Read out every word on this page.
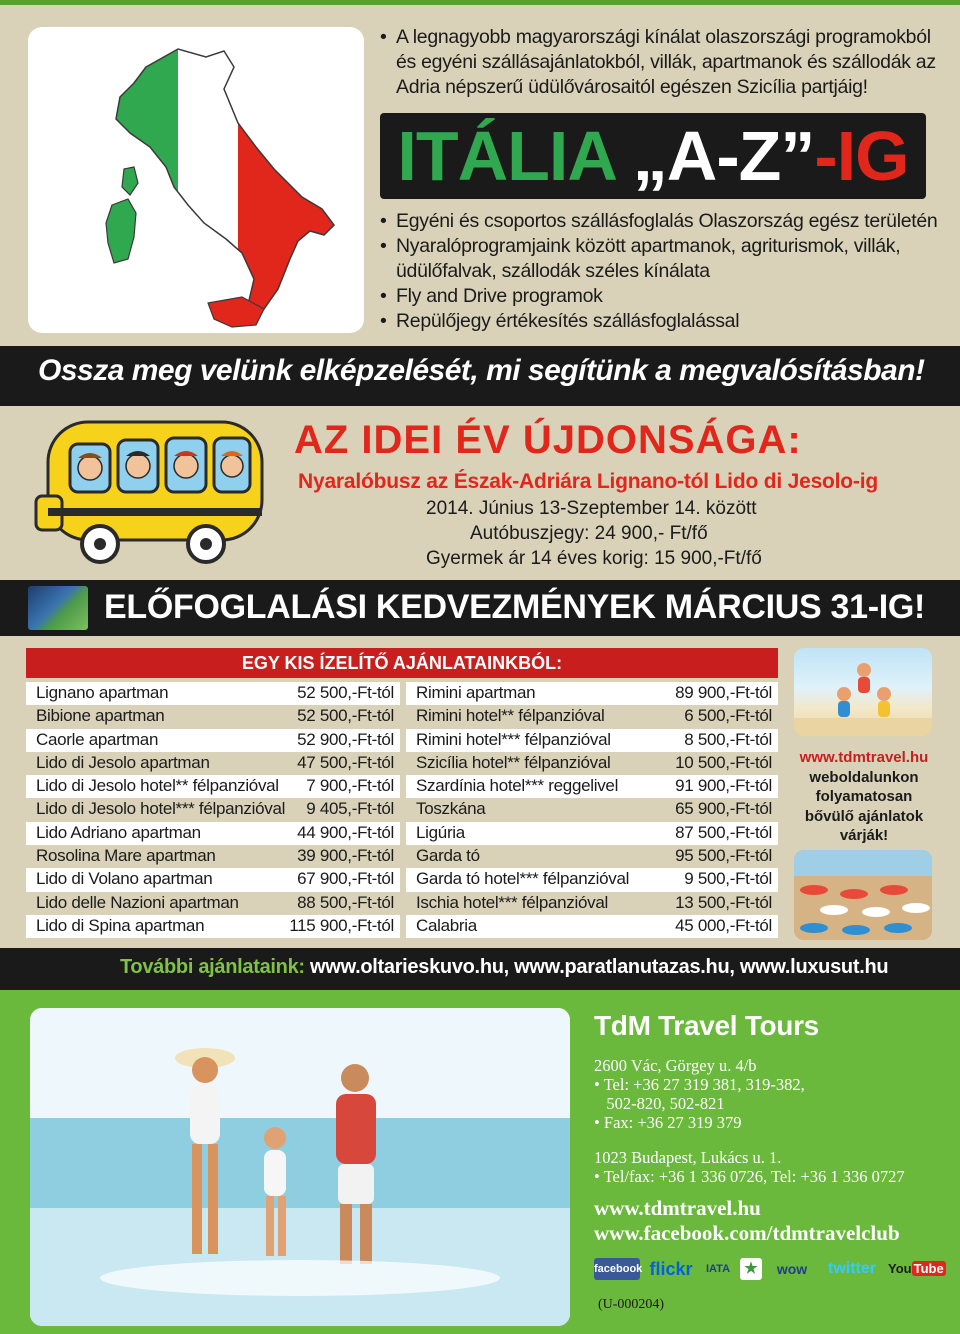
• A legnagyobb magyarországi kínálat olaszországi programokból és egyéni szállásajánlatokból, villák, apartmanok és szállodák az Adria népszerű üdülővárosaitól egészen Szicília partjáig!
ITÁLIA „A-Z”-IG
• Egyéni és csoportos szállásfoglalás Olaszország egész területén
• Nyaralóprogramjaink között apartmanok, agriturismok, villák, üdülőfalvak, szállodák széles kínálata
• Fly and Drive programok
• Repülőjegy értékesítés szállásfoglalással
Ossza meg velünk elképzelését, mi segítünk a megvalósításban!
AZ IDEI ÉV ÚJDONSÁGA:
Nyaralóbusz az Észak-Adriára Lignano-tól Lido di Jesolo-ig
2014. Június 13-Szeptember 14. között
Autóbuszjegy: 24 900,- Ft/fő
Gyermek ár 14 éves korig: 15 900,-Ft/fő
ELŐFOGLALÁSI KEDVEZMÉNYEK MÁRCIUS 31-IG!
EGY KIS ÍZELÍTŐ AJÁNLATAINKBÓL:
Lignano apartman	52 500,-Ft-tól
Bibione apartman	52 500,-Ft-tól
Caorle apartman	52 900,-Ft-tól
Lido di Jesolo apartman	47 500,-Ft-tól
Lido di Jesolo hotel** félpanzióval 7 900,-Ft-tól
Lido di Jesolo hotel*** félpanzióval 9 405,-Ft-tól
Lido Adriano apartman	44 900,-Ft-tól
Rosolina Mare apartman	39 900,-Ft-tól
Lido di Volano apartman	67 900,-Ft-tól
Lido delle Nazioni apartman	88 500,-Ft-tól
Lido di Spina apartman	115 900,-Ft-tól
Rimini apartman	89 900,-Ft-tól
Rimini hotel** félpanzióval	6 500,-Ft-tól
Rimini hotel*** félpanzióval	8 500,-Ft-tól
Szicília hotel** félpanzióval	10 500,-Ft-tól
Szardínia hotel*** reggelivel	91 900,-Ft-tól
Toszkána	65 900,-Ft-tól
Ligúria	87 500,-Ft-tól
Garda tó	95 500,-Ft-tól
Garda tó hotel*** félpanzióval	9 500,-Ft-tól
Ischia hotel*** félpanzióval	13 500,-Ft-tól
Calabria	45 000,-Ft-tól
www.tdmtravel.hu
weboldalunkon
folyamatosan
bővülő ajánlatok
várják!
További ajánlataink: www.oltarieskuvo.hu, www.paratlanutazas.hu, www.luxusut.hu
TdM Travel Tours
2600 Vác, Görgey u. 4/b
• Tel: +36 27 319 381, 319-382,
502-820, 502-821
• Fax: +36 27 319 379
1023 Budapest, Lukács u. 1.
• Tel/fax: +36 1 336 0726, Tel: +36 1 336 0727
www.tdmtravel.hu
www.facebook.com/tdmtravelclub
facebook flickr	IATA ★	wow	twitter You Tube
(U-000204)
